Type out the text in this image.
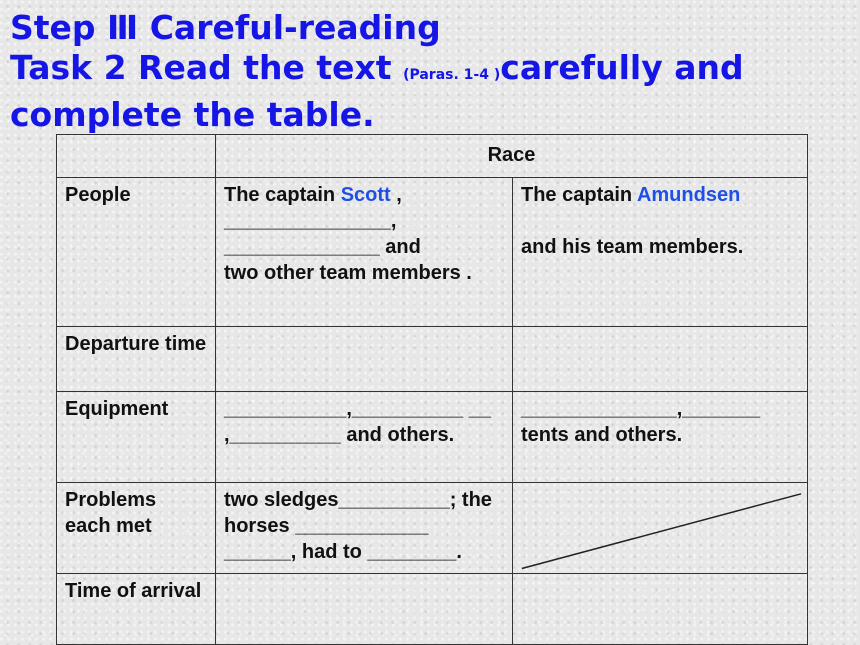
Step Ⅲ Careful-reading
Task 2 Read the text (Paras. 1-4 )carefully and complete the table.
	Race	
People	The captain Scott ,
_______________,
______________ and
two other team members .	The captain Amundsen

and his team members.
Departure time		
Equipment	___________,__________ __ ,__________ and others.	______________,_______ tents and others.
Problems each met	two sledges__________; the horses ____________ ______, had to ________.	

Time of arrival		
